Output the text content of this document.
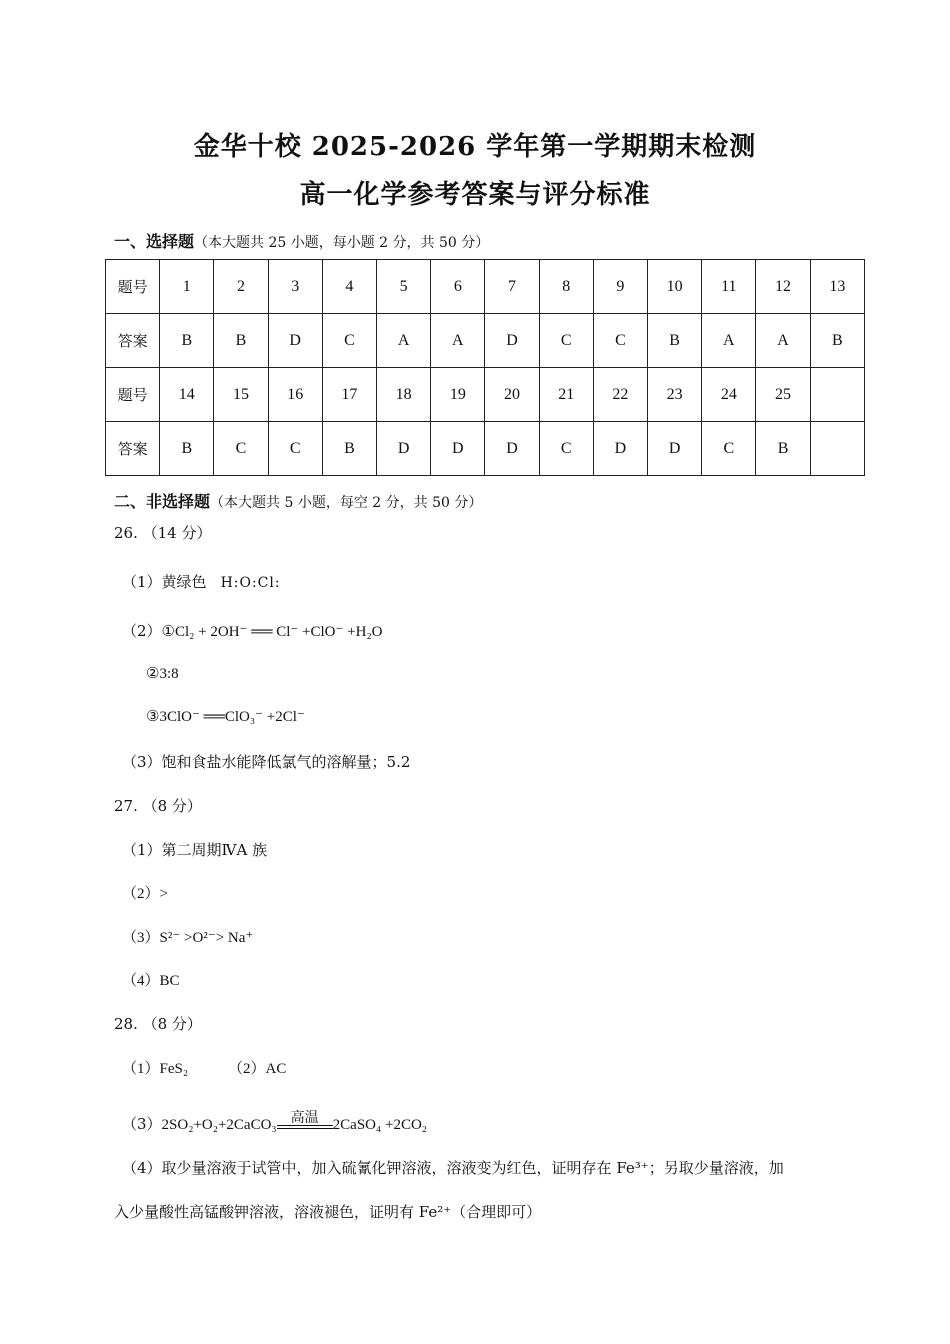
金华十校 2025-2026 学年第一学期期末检测
高一化学参考答案与评分标准
一、选择题（本大题共 25 小题，每小题 2 分，共 50 分）
题号	1	2	3	4	5	6	7	8	9	10	11	12	13
答案	B	B	D	C	A	A	D	C	C	B	A	A	B
题号	14	15	16	17	18	19	20	21	22	23	24	25	
答案	B	C	C	B	D	D	D	C	D	D	C	B	
二、非选择题（本大题共 5 小题，每空 2 分，共 50 分）
26. （14 分）
（1）黄绿色 H:O:Cl:
（2）①Cl₂ + 2OH⁻ ══ Cl⁻ +ClO⁻ +H₂O
②3:8
③3ClO⁻ ══ClO₃⁻ +2Cl⁻
（3）饱和食盐水能降低氯气的溶解量；5.2
27. （8 分）
（1）第二周期ⅣA 族
（2）>
（3）S²⁻ >O²⁻> Na⁺
（4）BC
28. （8 分）
（1）FeS₂	（2）AC
（3）2SO₂+O₂+2CaCO₃	高温 2CaSO₄ +2CO₂
（4）取少量溶液于试管中，加入硫氰化钾溶液，溶液变为红色，证明存在 Fe³⁺；另取少量溶液，加
入少量酸性高锰酸钾溶液，溶液褪色，证明有 Fe²⁺（合理即可）
